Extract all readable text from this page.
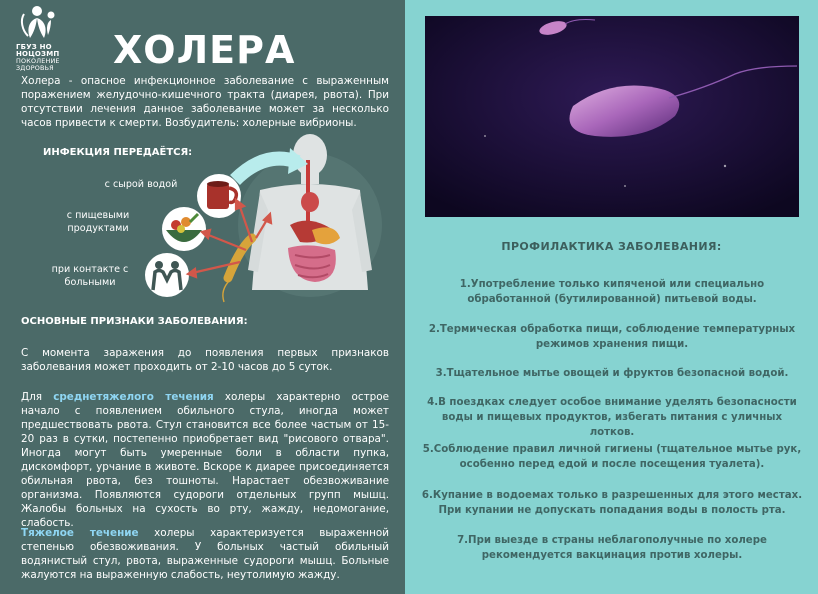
ГБУЗ НО НОЦОЗМП
ПОКОЛЕНИЕ ЗДОРОВЬЯ	ХОЛЕРА
Холера - опасное инфекционное заболевание с выраженным поражением желудочно-кишечного тракта (диарея, рвота). При отсутствии лечения данное заболевание может за несколько часов привести к смерти. Возбудитель: холерные вибрионы.
ИНФЕКЦИЯ ПЕРЕДАЁТСЯ:
с сырой водой
с пищевыми продуктами
при контакте с больными
ОСНОВНЫЕ ПРИЗНАКИ ЗАБОЛЕВАНИЯ:
С момента заражения до появления первых признаков заболевания может проходить от 2-10 часов до 5 суток.
Для среднетяжелого течения холеры характерно острое начало с появлением обильного стула, иногда может предшествовать рвота. Стул становится все более частым от 15-20 раз в сутки, постепенно приобретает вид "рисового отвара". Иногда могут быть умеренные боли в области пупка, дискомфорт, урчание в животе. Вскоре к диарее присоединяется обильная рвота, без тошноты. Нарастает обезвоживание организма. Появляются судороги отдельных групп мышц. Жалобы больных на сухость во рту, жажду, недомогание, слабость.
Тяжелое течение холеры характеризуется выраженной степенью обезвоживания. У больных частый обильный водянистый стул, рвота, выраженные судороги мышц. Больные жалуются на выраженную слабость, неутолимую жажду.
ПРОФИЛАКТИКА ЗАБОЛЕВАНИЯ:
1.Употребление только кипяченой или специально обработанной (бутилированной) питьевой воды.
2.Термическая обработка пищи, соблюдение температурных режимов хранения пищи.
3.Тщательное мытье овощей и фруктов безопасной водой.
4.В поездках следует особое внимание уделять безопасности воды и пищевых продуктов, избегать питания с уличных лотков.
5.Соблюдение правил личной гигиены (тщательное мытье рук, особенно перед едой и после посещения туалета).
6.Купание в водоемах только в разрешенных для этого местах. При купании не допускать попадания воды в полость рта.
7.При выезде в страны неблагополучные по холере рекомендуется вакцинация против холеры.
